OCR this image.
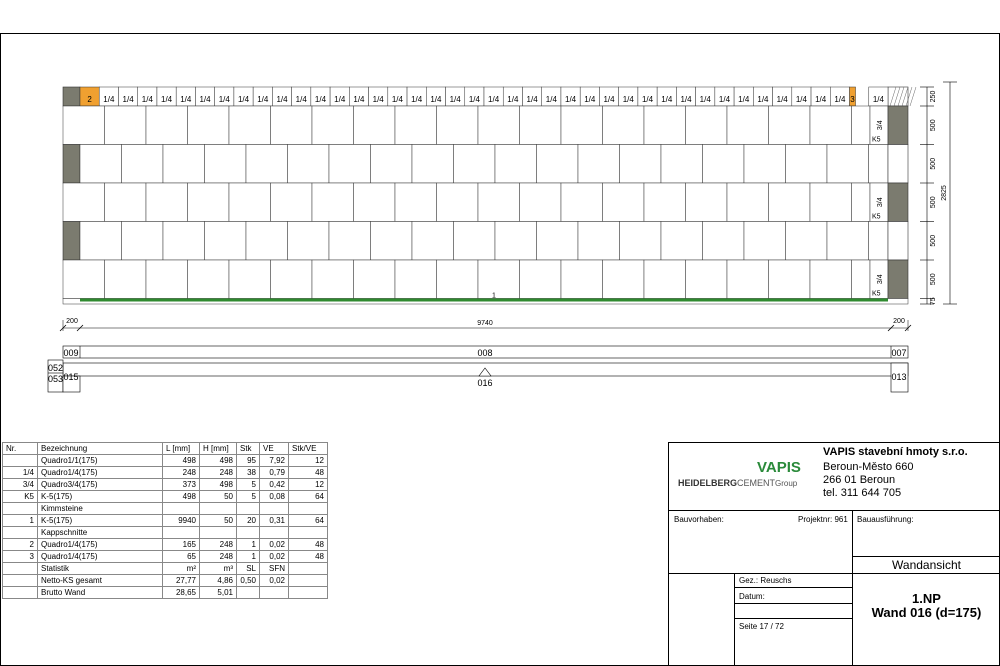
2 1/4 1/4 1/4 1/4 1/4 1/4 1/4 1/4 1/4 1/4 1/4 1/4 1/4 1/4 1/4 1/4 1/4 1/4 1/4 1/4 1/4 1/4 1/4 1/4 1/4 1/4 1/4 1/4 1/4 1/4 1/4 1/4 1/4 1/4 1/4 1/4 1/4 1/4 1/4 3 1/4
K5
3/4
K5
3/4
K5
3/4
1
250
500
500
500
500
500
75
2825
200	9740	200
009	008	007
052
053 015
016
013
Nr.	Bezeichnung	L [mm]	H [mm]	Stk	VE	Stk/VE
	Quadro1/1(175)	498	498	95	7,92	12
1/4	Quadro1/4(175)	248	248	38	0,79	48
3/4	Quadro3/4(175)	373	498	5	0,42	12
K5	K-5(175)	498	50	5	0,08	64
	Kimmsteine					
1	K-5(175)	9940	50	20	0,31	64
	Kappschnitte					
2	Quadro1/4(175)	165	248	1	0,02	48
3	Quadro1/4(175)	65	248	1	0,02	48
	Statistik	m²	m³	SL	SFN	
	Netto-KS gesamt	27,77	4,86	0,50	0,02	
	Brutto Wand	28,65	5,01			
VAPIS
HEIDELBERGCEMENTGroup
VAPIS stavební hmoty s.r.o.
Beroun-Město 660
266 01 Beroun
tel. 311 644 705
Bauvorhaben:	Projektnr: 961 Bauausführung:
Wandansicht
Gez.: Reuschs
Datum:
Seite 17 / 72
1.NP
Wand 016 (d=175)
